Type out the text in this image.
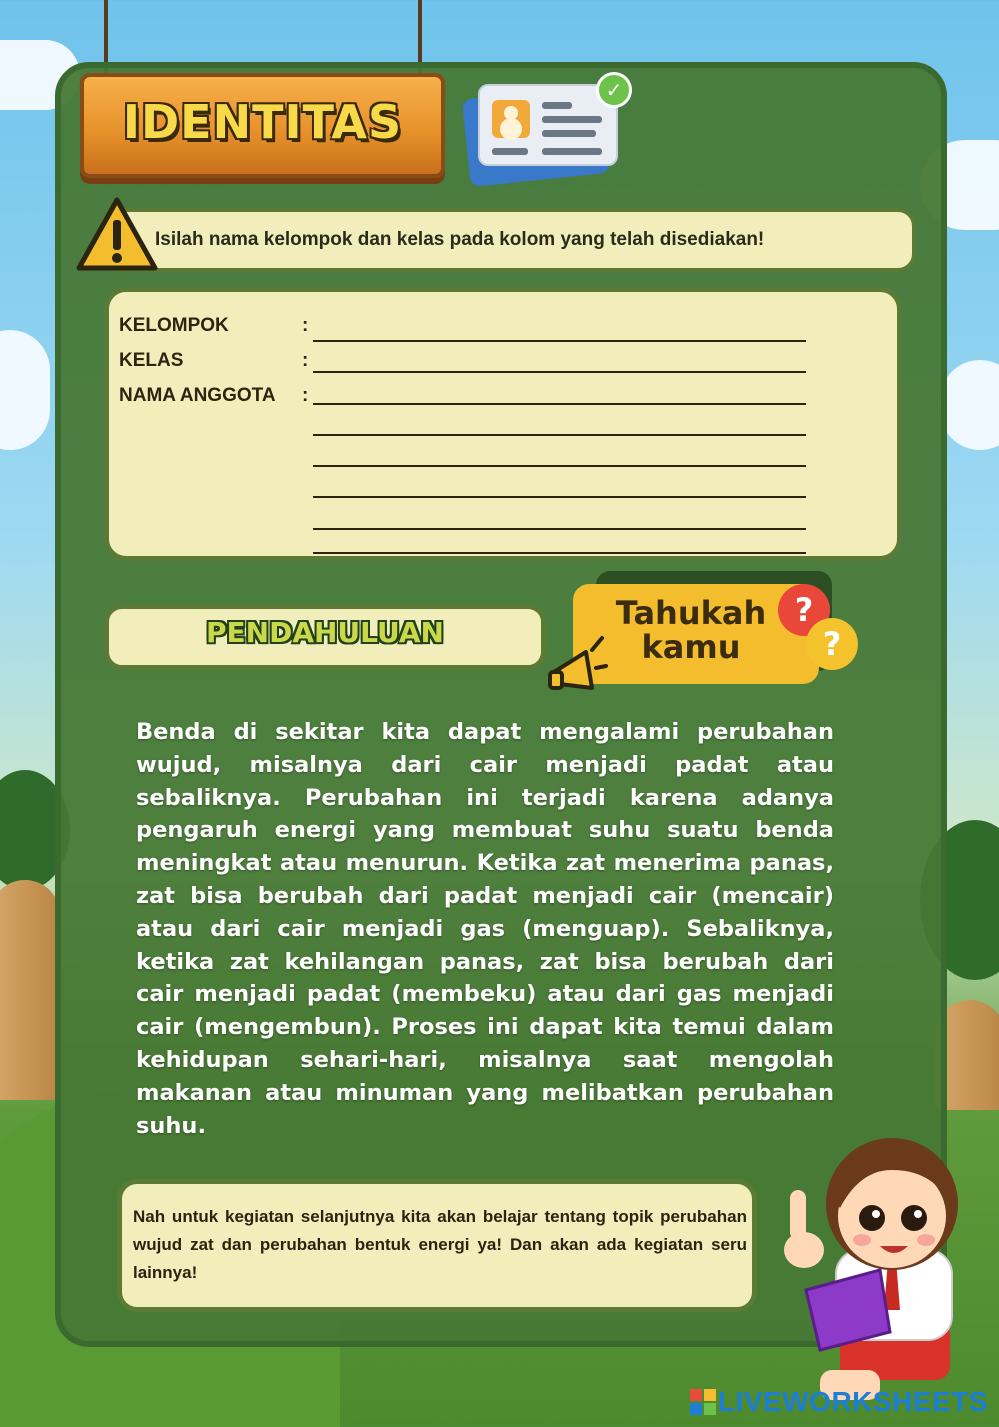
IDENTITAS
✓
Isilah nama kelompok dan kelas pada kolom yang telah disediakan!
KELOMPOK	:
KELAS	:
NAMA ANGGOTA :
PENDAHULUAN
Tahukah
kamu
?
?
Benda di sekitar kita dapat mengalami perubahan wujud, misalnya dari cair menjadi padat atau sebaliknya. Perubahan ini terjadi karena adanya pengaruh energi yang membuat suhu suatu benda meningkat atau menurun. Ketika zat menerima panas, zat bisa berubah dari padat menjadi cair (mencair) atau dari cair menjadi gas (menguap). Sebaliknya, ketika zat kehilangan panas, zat bisa berubah dari cair menjadi padat (membeku) atau dari gas menjadi cair (mengembun). Proses ini dapat kita temui dalam kehidupan sehari-hari, misalnya saat mengolah makanan atau minuman yang melibatkan perubahan suhu.
Nah untuk kegiatan selanjutnya kita akan belajar tentang topik perubahan wujud zat dan perubahan bentuk energi ya! Dan akan ada kegiatan seru lainnya!
LIVEWORKSHEETS
